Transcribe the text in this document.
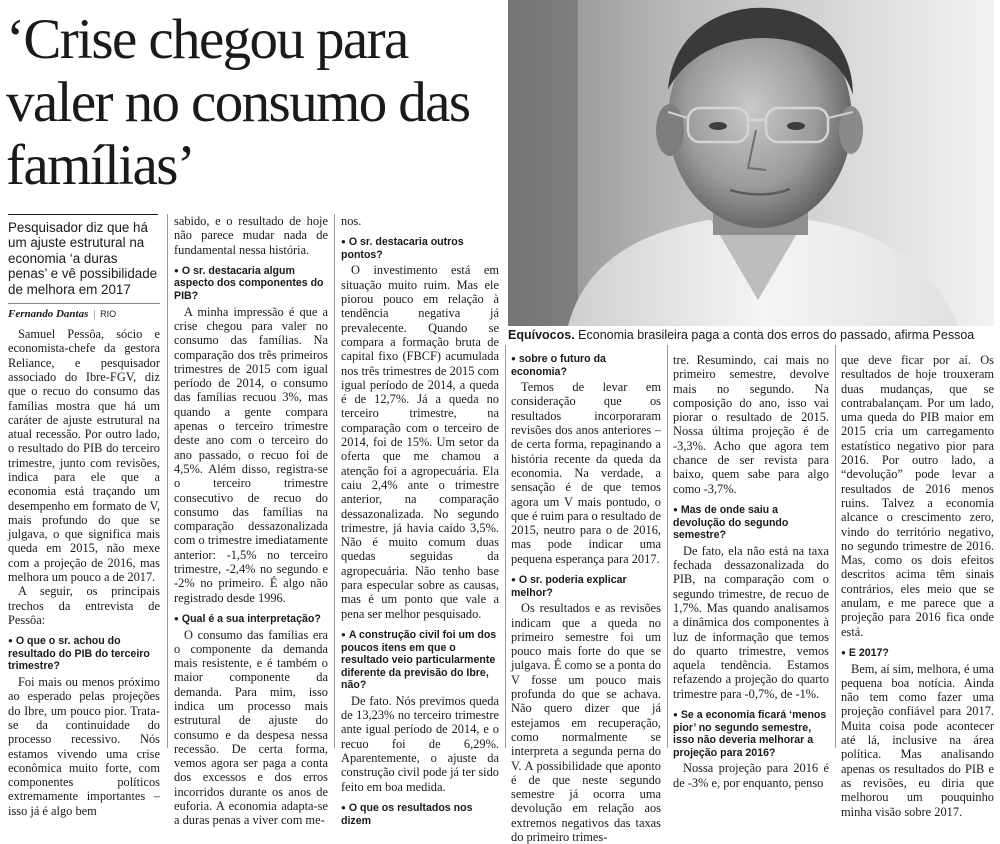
‘Crise chegou para valer no consumo das famílias’
Equívocos. Economia brasileira paga a conta dos erros do passado, afirma Pessoa
Pesquisador diz que há um ajuste estrutural na economia ‘a duras penas’ e vê possibilidade de melhora em 2017
Fernando Dantas | RIO

Samuel Pessôa, sócio e economista-chefe da gestora Reliance, e pesquisador associado do Ibre-FGV, diz que o recuo do consumo das famílias mostra que há um caráter de ajuste estrutural na atual recessão. Por outro lado, o resultado do PIB do terceiro trimestre, junto com revisões, indica para ele que a economia está traçando um desempenho em formato de V, mais profundo do que se julgava, o que significa mais queda em 2015, não mexe com a projeção de 2016, mas melhora um pouco a de 2017.

A seguir, os principais trechos da entrevista de Pessôa:

● O que o sr. achou do resultado do PIB do terceiro trimestre?

Foi mais ou menos próximo ao esperado pelas projeções do Ibre, um pouco pior. Trata-se da continuidade do processo recessivo. Nós estamos vivendo uma crise econômica muito forte, com componentes políticos extremamente importantes – isso já é algo bem

sabido, e o resultado de hoje não parece mudar nada de fundamental nessa história.

● O sr. destacaria algum aspecto dos componentes do PIB?

A minha impressão é que a crise chegou para valer no consumo das famílias. Na comparação dos três primeiros trimestres de 2015 com igual período de 2014, o consumo das famílias recuou 3%, mas quando a gente compara apenas o terceiro trimestre deste ano com o terceiro do ano passado, o recuo foi de 4,5%. Além disso, registra-se o terceiro trimestre consecutivo de recuo do consumo das famílias na comparação dessazonalizada com o trimestre imediatamente anterior: -1,5% no terceiro trimestre, -2,4% no segundo e -2% no primeiro. É algo não registrado desde 1996.

● Qual é a sua interpretação?

O consumo das famílias era o componente da demanda mais resistente, e é também o maior componente da demanda. Para mim, isso indica um processo mais estrutural de ajuste do consumo e da despesa nessa recessão. De certa forma, vemos agora ser paga a conta dos excessos e dos erros incorridos durante os anos de euforia. A economia adapta-se a duras penas a viver com me-

nos.

● O sr. destacaria outros pontos?

O investimento está em situação muito ruim. Mas ele piorou pouco em relação à tendência negativa já prevalecente. Quando se compara a formação bruta de capital fixo (FBCF) acumulada nos três trimestres de 2015 com igual período de 2014, a queda é de 12,7%. Já a queda no terceiro trimestre, na comparação com o terceiro de 2014, foi de 15%. Um setor da oferta que me chamou a atenção foi a agropecuária. Ela caiu 2,4% ante o trimestre anterior, na comparação dessazonalizada. No segundo trimestre, já havia caído 3,5%. Não é muito comum duas quedas seguidas da agropecuária. Não tenho base para especular sobre as causas, mas é um ponto que vale a pena ser melhor pesquisado.

● A construção civil foi um dos poucos itens em que o resultado veio particularmente diferente da previsão do Ibre, não?

De fato. Nós previmos queda de 13,23% no terceiro trimestre ante igual período de 2014, e o recuo foi de 6,29%. Aparentemente, o ajuste da construção civil pode já ter sido feito em boa medida.

● O que os resultados nos dizem
● sobre o futuro da economia?

Temos de levar em consideração que os resultados incorporaram revisões dos anos anteriores – de certa forma, repaginando a história recente da queda da economia. Na verdade, a sensação é de que temos agora um V mais pontudo, o que é ruim para o resultado de 2015, neutro para o de 2016, mas pode indicar uma pequena esperança para 2017.

● O sr. poderia explicar melhor?

Os resultados e as revisões indicam que a queda no primeiro semestre foi um pouco mais forte do que se julgava. É como se a ponta do V fosse um pouco mais profunda do que se achava. Não quero dizer que já estejamos em recuperação, como normalmente se interpreta a segunda perna do V. A possibilidade que aponto é de que neste segundo semestre já ocorra uma devolução em relação aos extremos negativos das taxas do primeiro trimes-

tre. Resumindo, cai mais no primeiro semestre, devolve mais no segundo. Na composição do ano, isso vai piorar o resultado de 2015. Nossa última projeção é de -3,3%. Acho que agora tem chance de ser revista para baixo, quem sabe para algo como -3,7%.

● Mas de onde saiu a devolução do segundo semestre?

De fato, ela não está na taxa fechada dessazonalizada do PIB, na comparação com o segundo trimestre, de recuo de 1,7%. Mas quando analisamos a dinâmica dos componentes à luz de informação que temos do quarto trimestre, vemos aquela tendência. Estamos refazendo a projeção do quarto trimestre para -0,7%, de -1%.

● Se a economia ficará ‘menos pior’ no segundo semestre, isso não deveria melhorar a projeção para 2016?

Nossa projeção para 2016 é de -3% e, por enquanto, penso

que deve ficar por aí. Os resultados de hoje trouxeram duas mudanças, que se contrabalançam. Por um lado, uma queda do PIB maior em 2015 cria um carregamento estatístico negativo pior para 2016. Por outro lado, a “devolução” pode levar a resultados de 2016 menos ruins. Talvez a economia alcance o crescimento zero, vindo do território negativo, no segundo trimestre de 2016. Mas, como os dois efeitos descritos acima têm sinais contrários, eles meio que se anulam, e me parece que a projeção para 2016 fica onde está.

● E 2017?

Bem, aí sim, melhora, é uma pequena boa notícia. Ainda não tem como fazer uma projeção confiável para 2017. Muita coisa pode acontecer até lá, inclusive na área política. Mas analisando apenas os resultados do PIB e as revisões, eu diria que melhorou um pouquinho minha visão sobre 2017.
